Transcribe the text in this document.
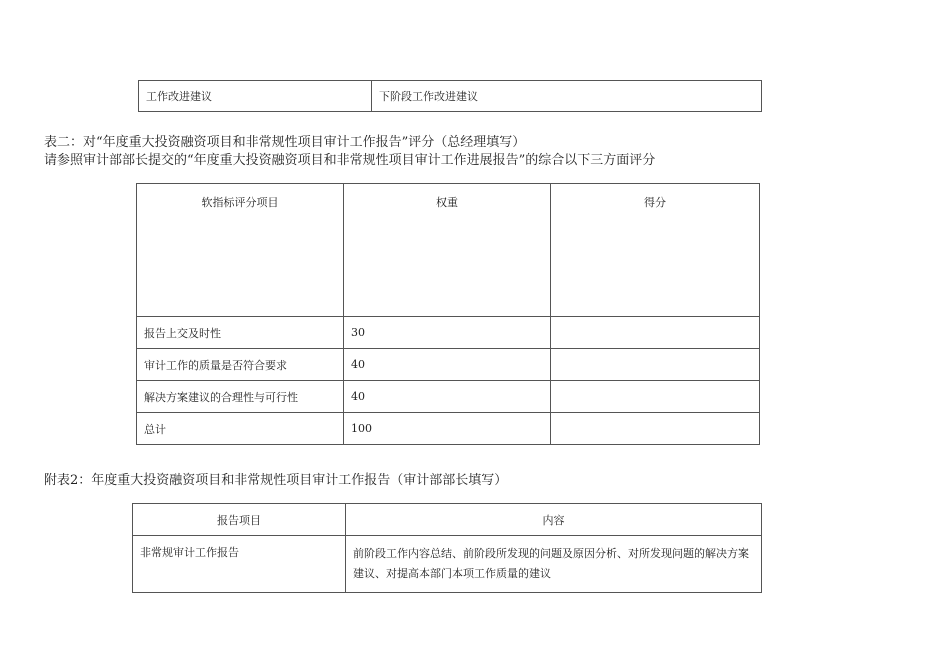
工作改进建议	下阶段工作改进建议
表二：对“年度重大投资融资项目和非常规性项目审计工作报告”评分（总经理填写）
请参照审计部部长提交的“年度重大投资融资项目和非常规性项目审计工作进展报告”的综合以下三方面评分
软指标评分项目	权重	得分
报告上交及时性	30	
审计工作的质量是否符合要求	40	
解决方案建议的合理性与可行性	40	
总计	100	
附表2：年度重大投资融资项目和非常规性项目审计工作报告（审计部部长填写）
报告项目	内容
非常规审计工作报告	前阶段工作内容总结、前阶段所发现的问题及原因分析、对所发现问题的解决方案建议、对提高本部门本项工作质量的建议
